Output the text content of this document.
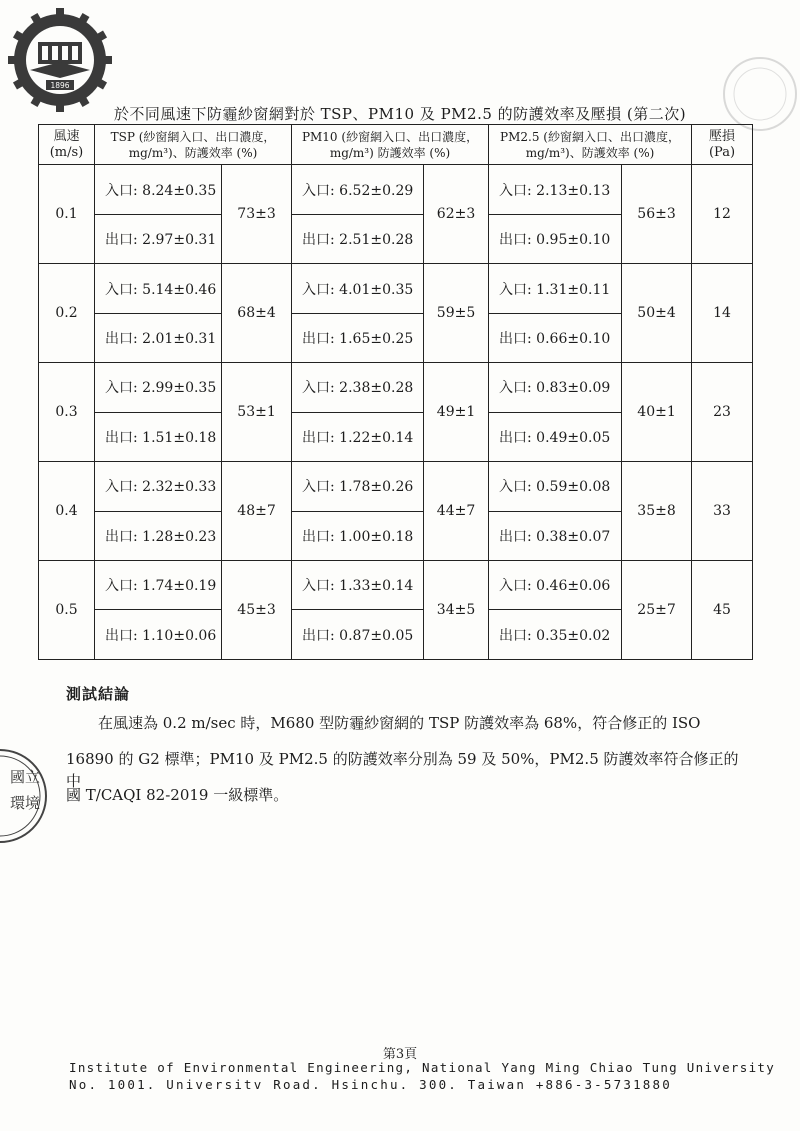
1896
國立
環境
於不同風速下防霾紗窗網對於 TSP、PM10 及 PM2.5 的防護效率及壓損 (第二次)
風速 (m/s)	TSP (紗窗網入口、出口濃度，mg/m³)、防護效率 (%)		PM10 (紗窗網入口、出口濃度，mg/m³) 防護效率 (%)		PM2.5 (紗窗網入口、出口濃度，mg/m³)、防護效率 (%)		壓損 (Pa)
0.1	入口: 8.24±0.35	73±3	入口: 6.52±0.29	62±3	入口: 2.13±0.13	56±3	12
	出口: 2.97±0.31		出口: 2.51±0.28		出口: 0.95±0.10		
0.2	入口: 5.14±0.46	68±4	入口: 4.01±0.35	59±5	入口: 1.31±0.11	50±4	14
	出口: 2.01±0.31		出口: 1.65±0.25		出口: 0.66±0.10		
0.3	入口: 2.99±0.35	53±1	入口: 2.38±0.28	49±1	入口: 0.83±0.09	40±1	23
	出口: 1.51±0.18		出口: 1.22±0.14		出口: 0.49±0.05		
0.4	入口: 2.32±0.33	48±7	入口: 1.78±0.26	44±7	入口: 0.59±0.08	35±8	33
	出口: 1.28±0.23		出口: 1.00±0.18		出口: 0.38±0.07		
0.5	入口: 1.74±0.19	45±3	入口: 1.33±0.14	34±5	入口: 0.46±0.06	25±7	45
	出口: 1.10±0.06		出口: 0.87±0.05		出口: 0.35±0.02		
測試結論
在風速為 0.2 m/sec 時，M680 型防霾紗窗網的 TSP 防護效率為 68%，符合修正的 ISO
16890 的 G2 標準；PM10 及 PM2.5 的防護效率分別為 59 及 50%，PM2.5 防護效率符合修正的中
國 T/CAQI 82-2019 一級標準。
第3頁
Institute of Environmental Engineering, National Yang Ming Chiao Tung University
No. 1001. Universitv Road. Hsinchu. 300. Taiwan +886-3-5731880
